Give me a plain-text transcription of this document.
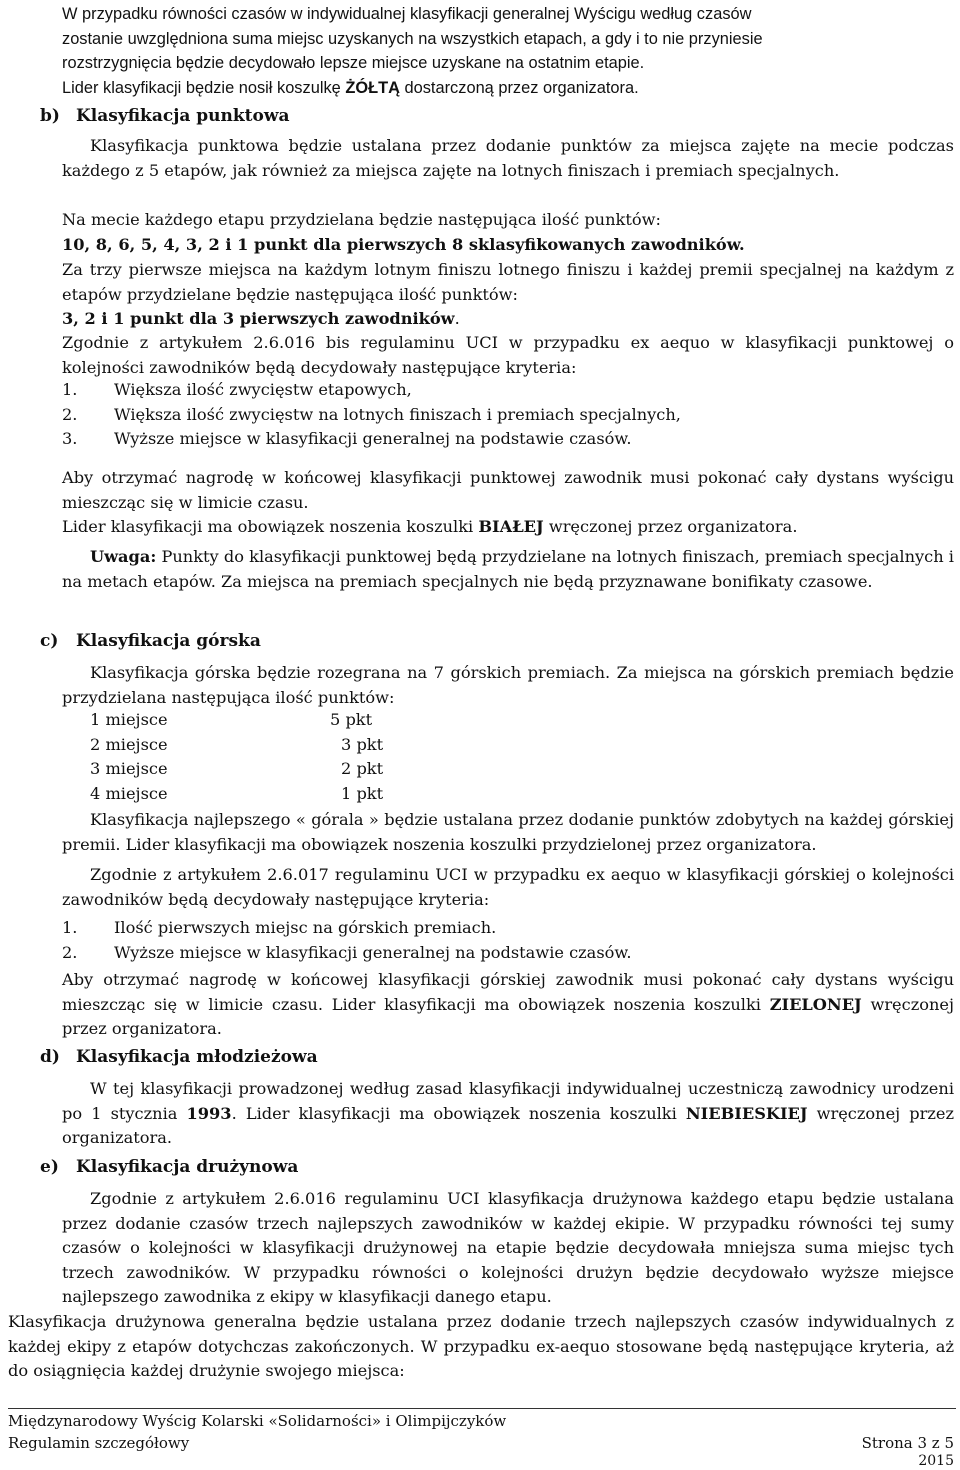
W przypadku równości czasów w indywidualnej klasyfikacji generalnej Wyścigu według czasów
zostanie uwzględniona suma miejsc uzyskanych na wszystkich etapach, a gdy i to nie przyniesie
rozstrzygnięcia będzie decydowało lepsze miejsce uzyskane na ostatnim etapie.
Lider klasyfikacji będzie nosił koszulkę ŻÓŁTĄ dostarczoną przez organizatora.
b) Klasyfikacja punktowa
Klasyfikacja punktowa będzie ustalana przez dodanie punktów za miejsca zajęte na mecie podczas każdego z 5 etapów, jak również za miejsca zajęte na lotnych finiszach i premiach specjalnych.
Na mecie każdego etapu przydzielana będzie następująca ilość punktów:
10, 8, 6, 5, 4, 3, 2 i 1 punkt dla pierwszych 8 sklasyfikowanych zawodników.
Za trzy pierwsze miejsca na każdym lotnym finiszu lotnego finiszu i każdej premii specjalnej na każdym z etapów przydzielane będzie następująca ilość punktów:
3, 2 i 1 punkt dla 3 pierwszych zawodników.
Zgodnie z artykułem 2.6.016 bis regulaminu UCI w przypadku ex aequo w klasyfikacji punktowej o kolejności zawodników będą decydowały następujące kryteria:
1. Większa ilość zwycięstw etapowych,
2. Większa ilość zwycięstw na lotnych finiszach i premiach specjalnych,
3. Wyższe miejsce w klasyfikacji generalnej na podstawie czasów.
Aby otrzymać nagrodę w końcowej klasyfikacji punktowej zawodnik musi pokonać cały dystans wyścigu mieszcząc się w limicie czasu.
Lider klasyfikacji ma obowiązek noszenia koszulki BIAŁEJ wręczonej przez organizatora.
Uwaga: Punkty do klasyfikacji punktowej będą przydzielane na lotnych finiszach, premiach specjalnych i na metach etapów. Za miejsca na premiach specjalnych nie będą przyznawane bonifikaty czasowe.
c) Klasyfikacja górska
Klasyfikacja górska będzie rozegrana na 7 górskich premiach. Za miejsca na górskich premiach będzie przydzielana następująca ilość punktów:
1 miejsce	5 pkt
2 miejsce	3 pkt
3 miejsce	2 pkt
4 miejsce	1 pkt
Klasyfikacja najlepszego « górala » będzie ustalana przez dodanie punktów zdobytych na każdej górskiej premii. Lider klasyfikacji ma obowiązek noszenia koszulki przydzielonej przez organizatora.
Zgodnie z artykułem 2.6.017 regulaminu UCI w przypadku ex aequo w klasyfikacji górskiej o kolejności zawodników będą decydowały następujące kryteria:
1. Ilość pierwszych miejsc na górskich premiach.
2. Wyższe miejsce w klasyfikacji generalnej na podstawie czasów.
Aby otrzymać nagrodę w końcowej klasyfikacji górskiej zawodnik musi pokonać cały dystans wyścigu mieszcząc się w limicie czasu. Lider klasyfikacji ma obowiązek noszenia koszulki ZIELONEJ wręczonej przez organizatora.
d) Klasyfikacja młodzieżowa
W tej klasyfikacji prowadzonej według zasad klasyfikacji indywidualnej uczestniczą zawodnicy urodzeni po 1 stycznia 1993. Lider klasyfikacji ma obowiązek noszenia koszulki NIEBIESKIEJ wręczonej przez organizatora.
e) Klasyfikacja drużynowa
Zgodnie z artykułem 2.6.016 regulaminu UCI klasyfikacja drużynowa każdego etapu będzie ustalana przez dodanie czasów trzech najlepszych zawodników w każdej ekipie. W przypadku równości tej sumy czasów o kolejności w klasyfikacji drużynowej na etapie będzie decydowała mniejsza suma miejsc tych trzech zawodników. W przypadku równości o kolejności drużyn będzie decydowało wyższe miejsce najlepszego zawodnika z ekipy w klasyfikacji danego etapu.
Klasyfikacja drużynowa generalna będzie ustalana przez dodanie trzech najlepszych czasów indywidualnych z każdej ekipy z etapów dotychczas zakończonych. W przypadku ex-aequo stosowane będą następujące kryteria, aż do osiągnięcia każdej drużynie swojego miejsca:
Międzynarodowy Wyścig Kolarski «Solidarności» i Olimpijczyków
Regulamin szczegółowy	Strona 3 z 5
2015
